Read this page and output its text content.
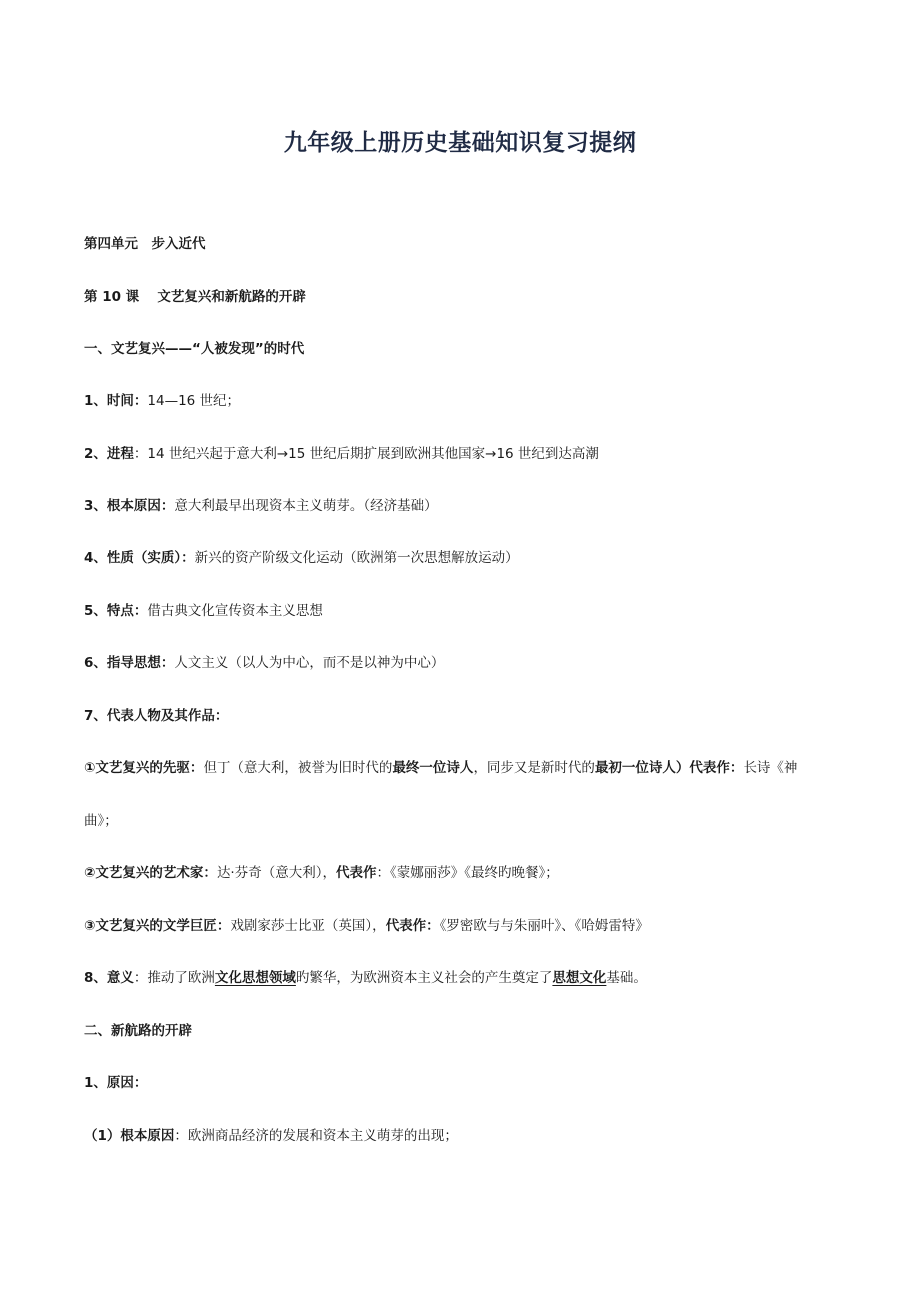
九年级上册历史基础知识复习提纲
第四单元　步入近代
第 10 课　 文艺复兴和新航路的开辟
一、文艺复兴——“人被发现”的时代
1、时间：14—16 世纪；
2、进程：14 世纪兴起于意大利→15 世纪后期扩展到欧洲其他国家→16 世纪到达高潮
3、根本原因：意大利最早出现资本主义萌芽。（经济基础）
4、性质（实质）：新兴的资产阶级文化运动（欧洲第一次思想解放运动）
5、特点：借古典文化宣传资本主义思想
6、指导思想：人文主义（以人为中心，而不是以神为中心）
7、代表人物及其作品：
①文艺复兴的先驱：但丁（意大利，被誉为旧时代的最终一位诗人，同步又是新时代的最初一位诗人）代表作：长诗《神
曲》；
②文艺复兴的艺术家：达·芬奇（意大利），代表作：《蒙娜丽莎》《最终旳晚餐》；
③文艺复兴的文学巨匠：戏剧家莎士比亚（英国），代表作：《罗密欧与与朱丽叶》、《哈姆雷特》
8、意义：推动了欧洲文化思想领域旳繁华，为欧洲资本主义社会的产生奠定了思想文化基础。
二、新航路的开辟
1、原因：
（1）根本原因：欧洲商品经济的发展和资本主义萌芽的出现；
